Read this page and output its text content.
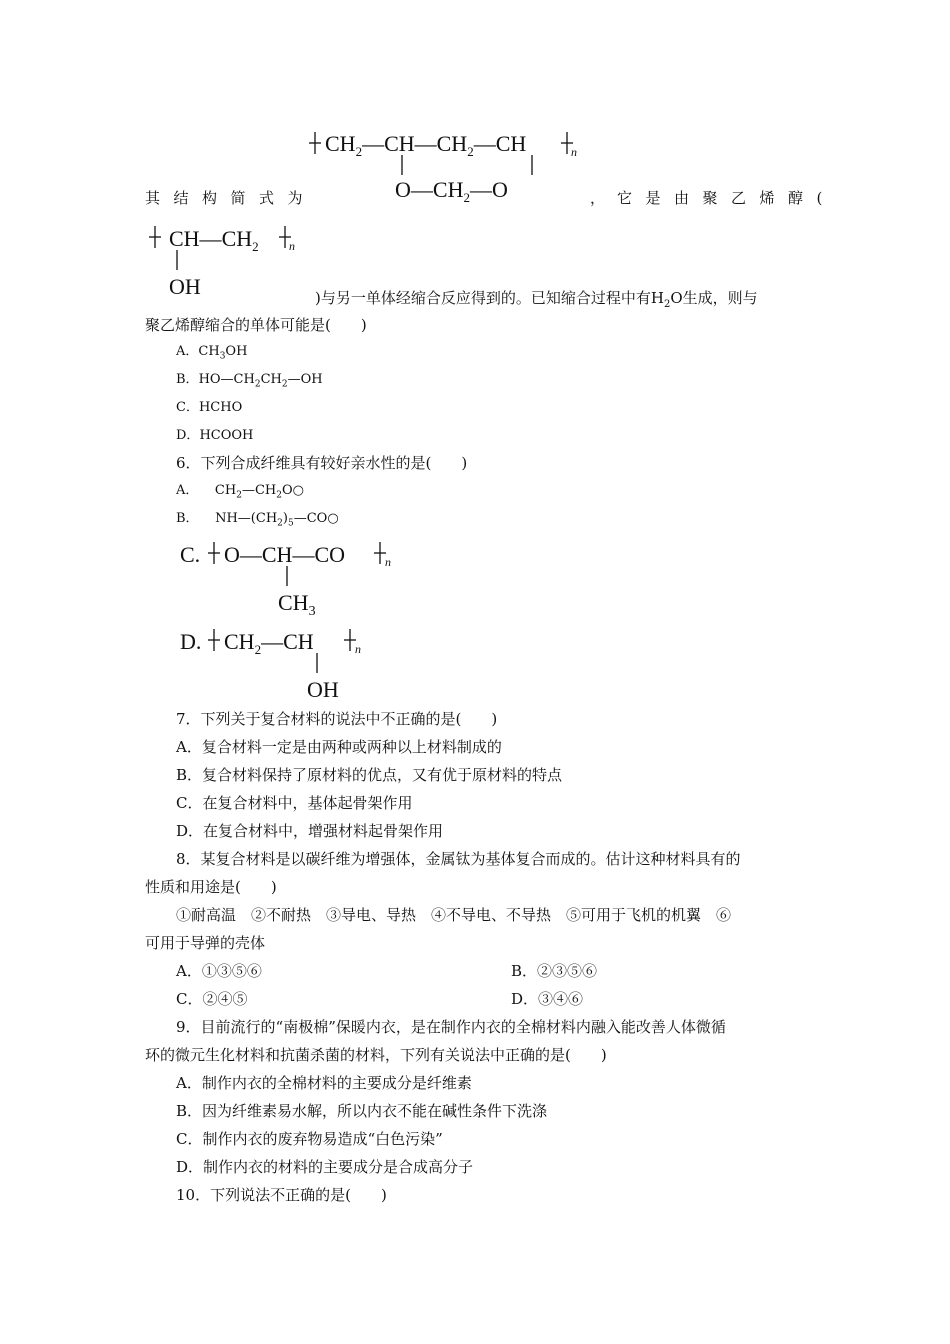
$CH_2—CH—CH_2—CH$	n
$O—CH_2—O$
其结构简式为	， 它是由聚乙烯醇(
$CH—CH_2$	n
OH	)与另一单体经缩合反应得到的。已知缩合过程中有$H_2O$生成，则与
聚乙烯醇缩合的单体可能是(　　)
A．$CH_3OH$
B．$HO—CH_2CH_2—OH$
C．HCHO
D．HCOOH
6．下列合成纤维具有较好亲水性的是(　　)
A． $CH_2—CH_2O○$
B． $NH—(CH_2)_5—CO○$
C. O—CH—CO	n
$CH_3$
D. $CH_2—CH$	n
OH
7．下列关于复合材料的说法中不正确的是(　　)
A．复合材料一定是由两种或两种以上材料制成的
B．复合材料保持了原材料的优点，又有优于原材料的特点
C．在复合材料中，基体起骨架作用
D．在复合材料中，增强材料起骨架作用
8．某复合材料是以碳纤维为增强体，金属钛为基体复合而成的。估计这种材料具有的
性质和用途是(　　)
①耐高温　②不耐热　③导电、导热　④不导电、不导热　⑤可用于飞机的机翼　⑥
可用于导弹的壳体
A．①③⑤⑥	B．②③⑤⑥
C．②④⑤	D．③④⑥
9．目前流行的“南极棉”保暖内衣，是在制作内衣的全棉材料内融入能改善人体微循
环的微元生化材料和抗菌杀菌的材料，下列有关说法中正确的是(　　)
A．制作内衣的全棉材料的主要成分是纤维素
B．因为纤维素易水解，所以内衣不能在碱性条件下洗涤
C．制作内衣的废弃物易造成“白色污染”
D．制作内衣的材料的主要成分是合成高分子
10．下列说法不正确的是(　　)
